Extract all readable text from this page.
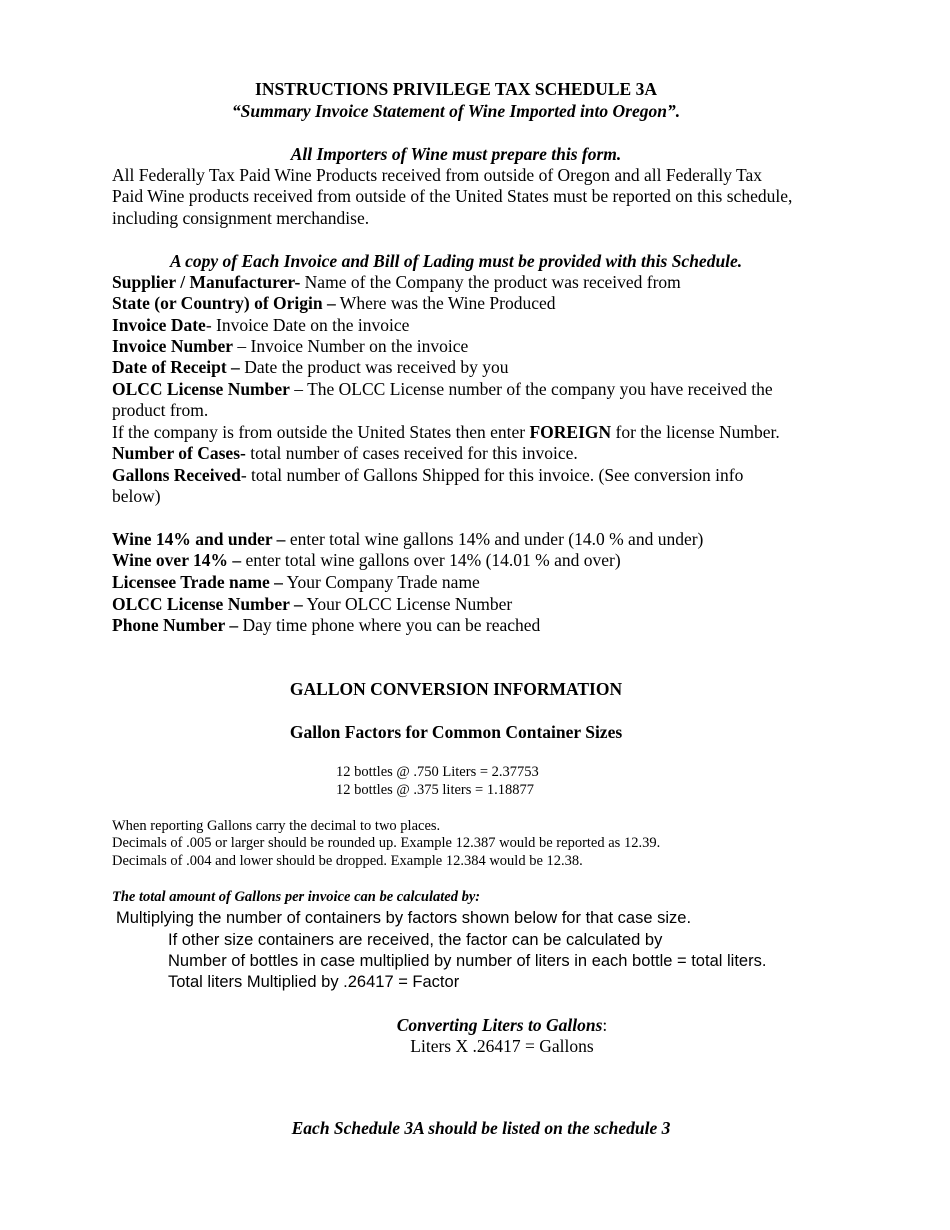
INSTRUCTIONS PRIVILEGE TAX SCHEDULE 3A
“Summary Invoice Statement of Wine Imported into Oregon”.
All Importers of Wine must prepare this form.
All Federally Tax Paid Wine Products received from outside of Oregon and all Federally Tax
Paid Wine products received from outside of the United States must be reported on this schedule,
including consignment merchandise.
A copy of Each Invoice and Bill of Lading must be provided with this Schedule.
Supplier / Manufacturer- Name of the Company the product was received from
State (or Country) of Origin – Where was the Wine Produced
Invoice Date- Invoice Date on the invoice
Invoice Number – Invoice Number on the invoice
Date of Receipt – Date the product was received by you
OLCC License Number – The OLCC License number of the company you have received the
product from.
If the company is from outside the United States then enter FOREIGN for the license Number.
Number of Cases- total number of cases received for this invoice.
Gallons Received- total number of Gallons Shipped for this invoice. (See conversion info
below)
Wine 14% and under – enter total wine gallons 14% and under (14.0 % and under)
Wine over 14% – enter total wine gallons over 14% (14.01 % and over)
Licensee Trade name – Your Company Trade name
OLCC License Number – Your OLCC License Number
Phone Number – Day time phone where you can be reached
GALLON CONVERSION INFORMATION
Gallon Factors for Common Container Sizes
12 bottles @ .750 Liters = 2.37753
12 bottles @ .375 liters = 1.18877
When reporting Gallons carry the decimal to two places.
Decimals of .005 or larger should be rounded up. Example 12.387 would be reported as 12.39.
Decimals of .004 and lower should be dropped. Example 12.384 would be 12.38.
The total amount of Gallons per invoice can be calculated by:
Multiplying the number of containers by factors shown below for that case size.
If other size containers are received, the factor can be calculated by
Number of bottles in case multiplied by number of liters in each bottle = total liters.
Total liters Multiplied by .26417 = Factor
Converting Liters to Gallons:
Liters X .26417 = Gallons
Each Schedule 3A should be listed on the schedule 3
